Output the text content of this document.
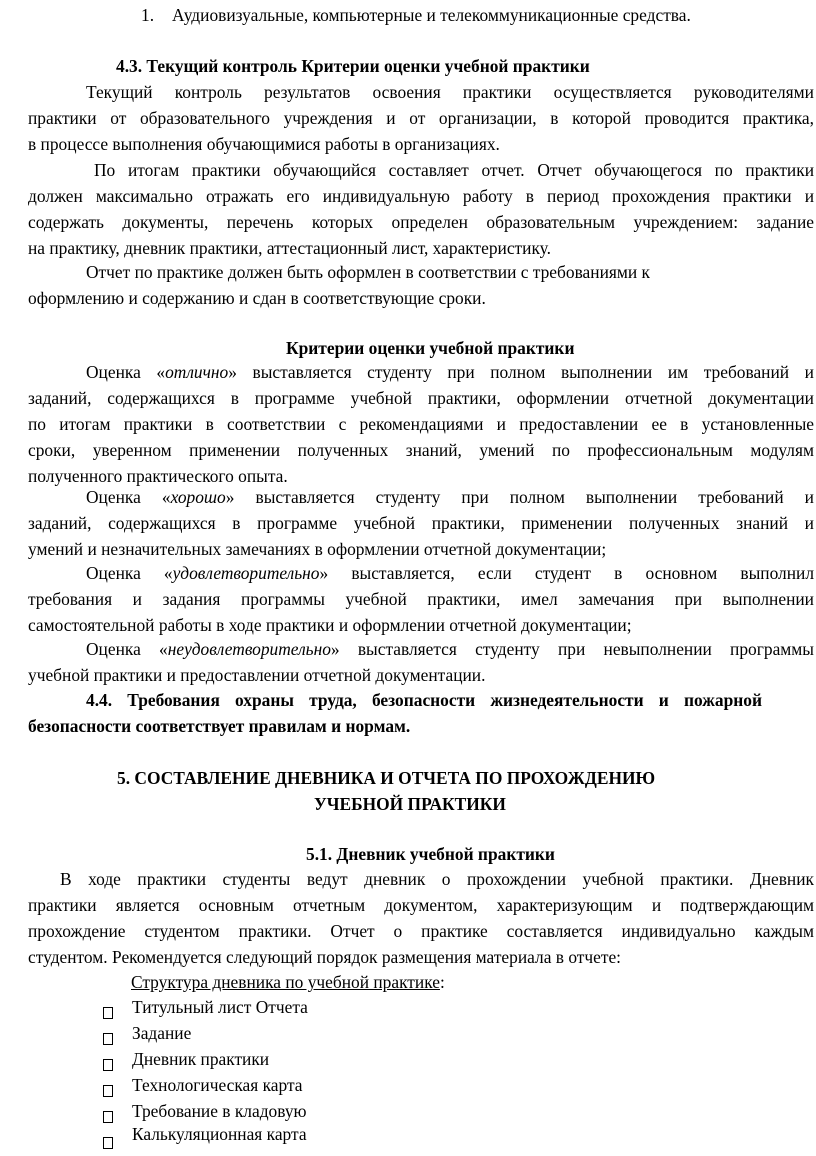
1. Аудиовизуальные, компьютерные и телекоммуникационные средства.
4.3. Текущий контроль Критерии оценки учебной практики
Текущий контроль результатов освоения практики осуществляется руководителями
практики от образовательного учреждения и от организации, в которой проводится практика,
в процессе выполнения обучающимися работы в организациях.
По итогам практики обучающийся составляет отчет. Отчет обучающегося по практики
должен максимально отражать его индивидуальную работу в период прохождения практики и
содержать документы, перечень которых определен образовательным учреждением: задание
на практику, дневник практики, аттестационный лист, характеристику.
Отчет по практике должен быть оформлен в соответствии с требованиями к
оформлению и содержанию и сдан в соответствующие сроки.
Критерии оценки учебной практики
Оценка «отлично» выставляется студенту при полном выполнении им требований и
заданий, содержащихся в программе учебной практики, оформлении отчетной документации
по итогам практики в соответствии с рекомендациями и предоставлении ее в установленные
сроки, уверенном применении полученных знаний, умений по профессиональным модулям
полученного практического опыта.
Оценка «хорошо» выставляется студенту при полном выполнении требований и
заданий, содержащихся в программе учебной практики, применении полученных знаний и
умений и незначительных замечаниях в оформлении отчетной документации;
Оценка «удовлетворительно» выставляется, если студент в основном выполнил
требования и задания программы учебной практики, имел замечания при выполнении
самостоятельной работы в ходе практики и оформлении отчетной документации;
Оценка «неудовлетворительно» выставляется студенту при невыполнении программы
учебной практики и предоставлении отчетной документации.
4.4. Требования охраны труда, безопасности жизнедеятельности и пожарной
безопасности соответствует правилам и нормам.
5. СОСТАВЛЕНИЕ ДНЕВНИКА И ОТЧЕТА ПО ПРОХОЖДЕНИЮ
УЧЕБНОЙ ПРАКТИКИ
5.1. Дневник учебной практики
В ходе практики студенты ведут дневник о прохождении учебной практики. Дневник
практики является основным отчетным документом, характеризующим и подтверждающим
прохождение студентом практики. Отчет о практике составляется индивидуально каждым
студентом. Рекомендуется следующий порядок размещения материала в отчете:
Структура дневника по учебной практике:
Титульный лист Отчета
Задание
Дневник практики
Технологическая карта
Требование в кладовую
Калькуляционная карта
